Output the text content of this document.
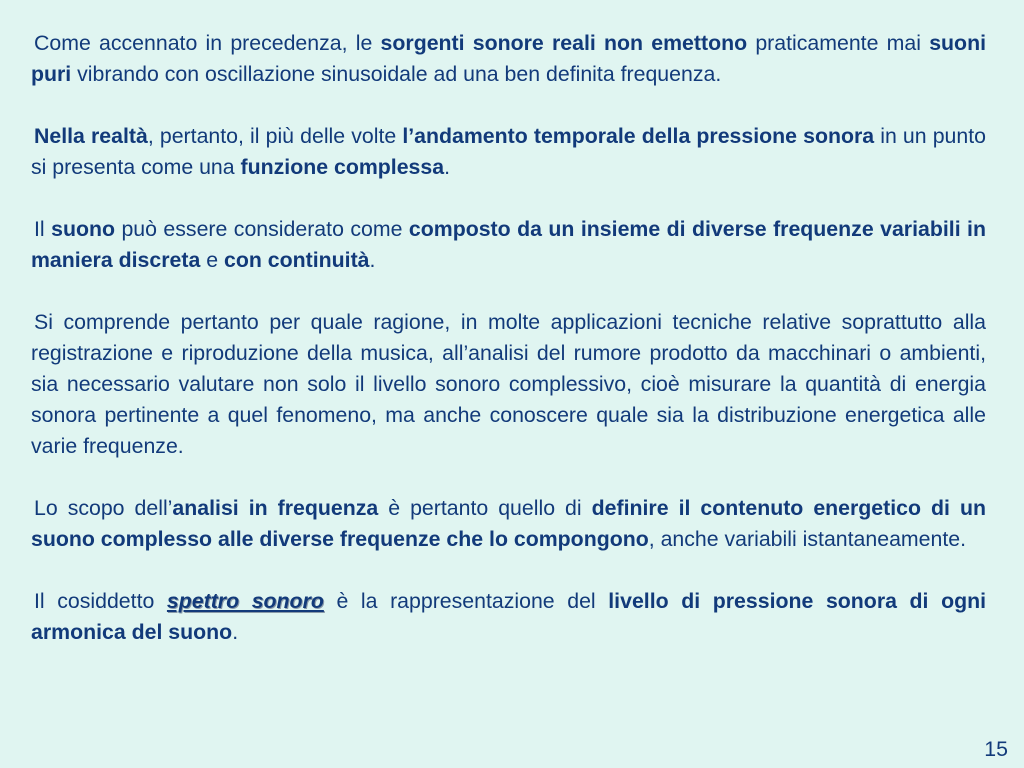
Come accennato in precedenza, le sorgenti sonore reali non emettono praticamente mai suoni puri vibrando con oscillazione sinusoidale ad una ben definita frequenza.

Nella realtà, pertanto, il più delle volte l’andamento temporale della pressione sonora in un punto si presenta come una funzione complessa.

Il suono può essere considerato come composto da un insieme di diverse frequenze variabili in maniera discreta e con continuità.

Si comprende pertanto per quale ragione, in molte applicazioni tecniche relative soprattutto alla registrazione e riproduzione della musica, all’analisi del rumore prodotto da macchinari o ambienti, sia necessario valutare non solo il livello sonoro complessivo, cioè misurare la quantità di energia sonora pertinente a quel fenomeno, ma anche conoscere quale sia la distribuzione energetica alle varie frequenze.

Lo scopo dell’analisi in frequenza è pertanto quello di definire il contenuto energetico di un suono complesso alle diverse frequenze che lo compongono, anche variabili istantaneamente.

Il cosiddetto spettro sonoro è la rappresentazione del livello di pressione sonora di ogni armonica del suono.

15
